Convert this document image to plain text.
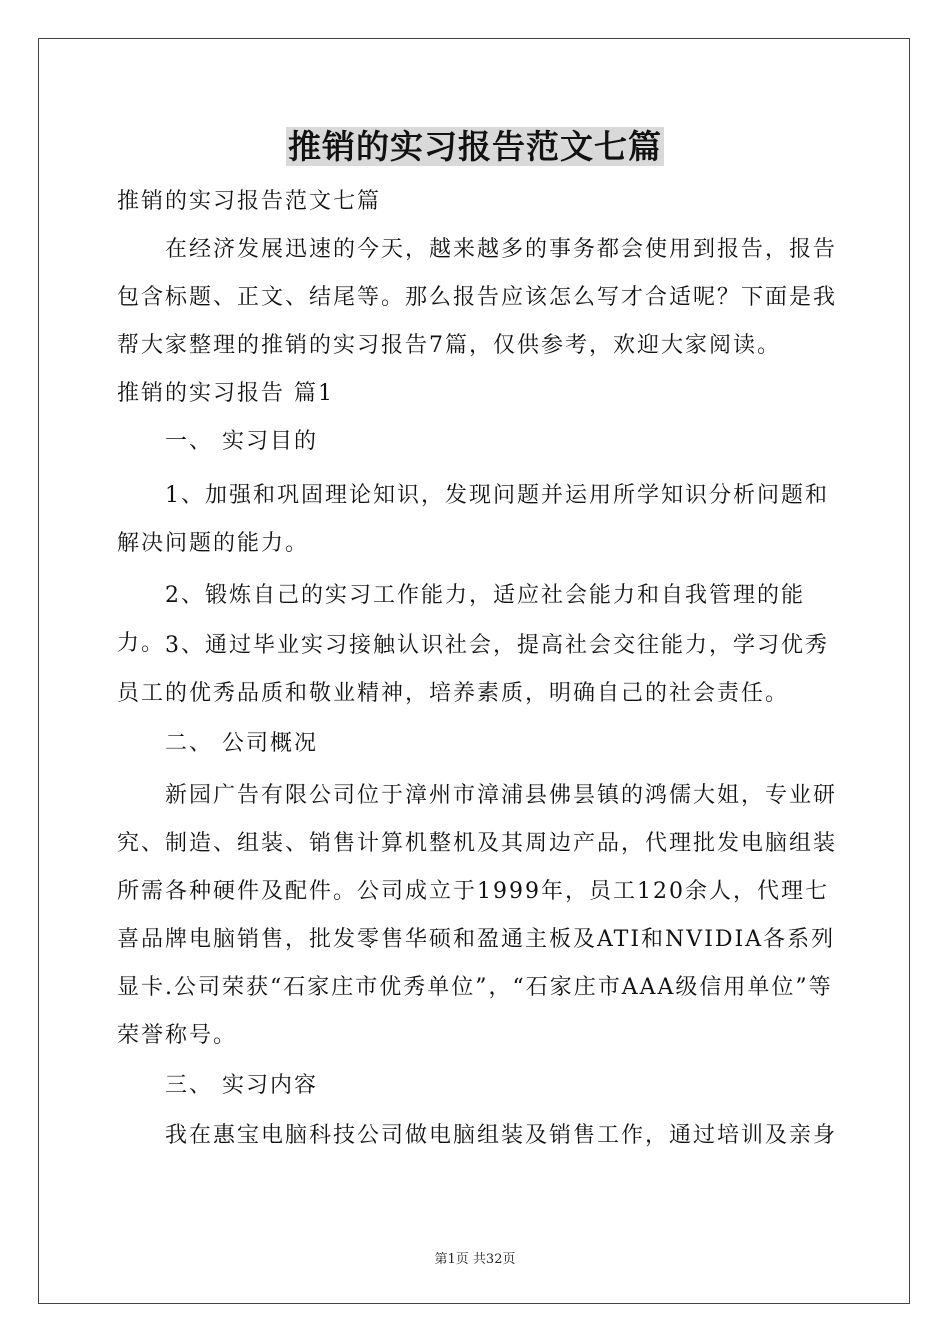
推销的实习报告范文七篇

推销的实习报告范文七篇

在经济发展迅速的今天，越来越多的事务都会使用到报告，报告包含标题、正文、结尾等。那么报告应该怎么写才合适呢？下面是我帮大家整理的推销的实习报告7篇，仅供参考，欢迎大家阅读。

推销的实习报告 篇1

一、 实习目的

1、加强和巩固理论知识，发现问题并运用所学知识分析问题和解决问题的能力。

2、锻炼自己的实习工作能力，适应社会能力和自我管理的能力。 3、通过毕业实习接触认识社会，提高社会交往能力，学习优秀员工的优秀品质和敬业精神，培养素质，明确自己的社会责任。

二、 公司概况

新园广告有限公司位于漳州市漳浦县佛昙镇的鸿儒大姐，专业研究、制造、组装、销售计算机整机及其周边产品，代理批发电脑组装所需各种硬件及配件。公司成立于1999年，员工120余人，代理七喜品牌电脑销售，批发零售华硕和盈通主板及ATI和NVIDIA各系列显卡.公司荣获“石家庄市优秀单位”，“石家庄市AAA级信用单位”等荣誉称号。

三、 实习内容

我在惠宝电脑科技公司做电脑组装及销售工作，通过培训及亲身

第1页 共32页
